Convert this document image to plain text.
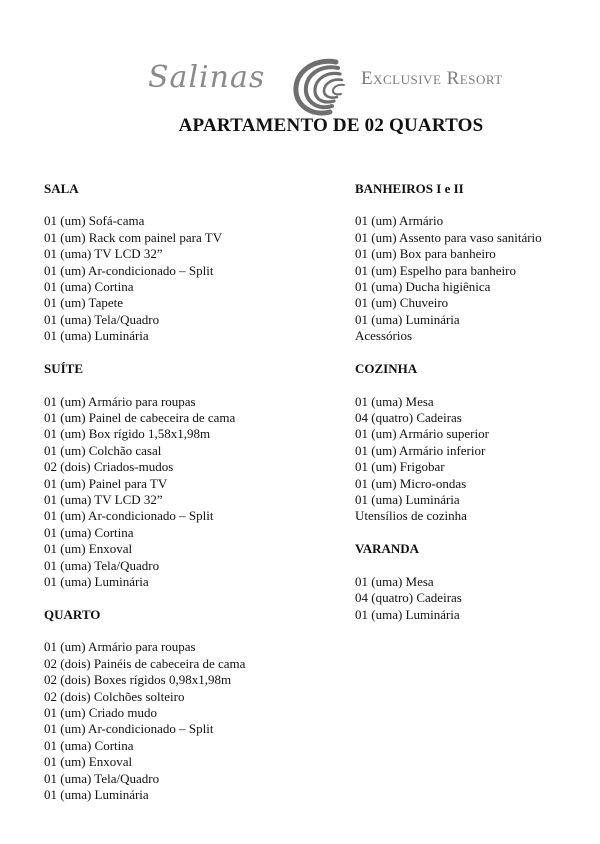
Salinas	Exclusive Resort
APARTAMENTO DE 02 QUARTOS
SALA
01 (um) Sofá-cama
01 (um) Rack com painel para TV
01 (uma) TV LCD 32”
01 (um) Ar-condicionado – Split
01 (uma) Cortina
01 (um) Tapete
01 (uma) Tela/Quadro
01 (uma) Luminária
SUÍTE
01 (um) Armário para roupas
01 (um) Painel de cabeceira de cama
01 (um) Box rígido 1,58x1,98m
01 (um) Colchão casal
02 (dois) Criados-mudos
01 (um) Painel para TV
01 (uma) TV LCD 32”
01 (um) Ar-condicionado – Split
01 (uma) Cortina
01 (um) Enxoval
01 (uma) Tela/Quadro
01 (uma) Luminária
QUARTO
01 (um) Armário para roupas
02 (dois) Painéis de cabeceira de cama
02 (dois) Boxes rígidos 0,98x1,98m
02 (dois) Colchões solteiro
01 (um) Criado mudo
01 (um) Ar-condicionado – Split
01 (uma) Cortina
01 (um) Enxoval
01 (uma) Tela/Quadro
01 (uma) Luminária
BANHEIROS I e II
01 (um) Armário
01 (um) Assento para vaso sanitário
01 (um) Box para banheiro
01 (um) Espelho para banheiro
01 (uma) Ducha higiênica
01 (um) Chuveiro
01 (uma) Luminária
Acessórios
COZINHA
01 (uma) Mesa
04 (quatro) Cadeiras
01 (um) Armário superior
01 (um) Armário inferior
01 (um) Frigobar
01 (um) Micro-ondas
01 (uma) Luminária
Utensílios de cozinha
VARANDA
01 (uma) Mesa
04 (quatro) Cadeiras
01 (uma) Luminária
